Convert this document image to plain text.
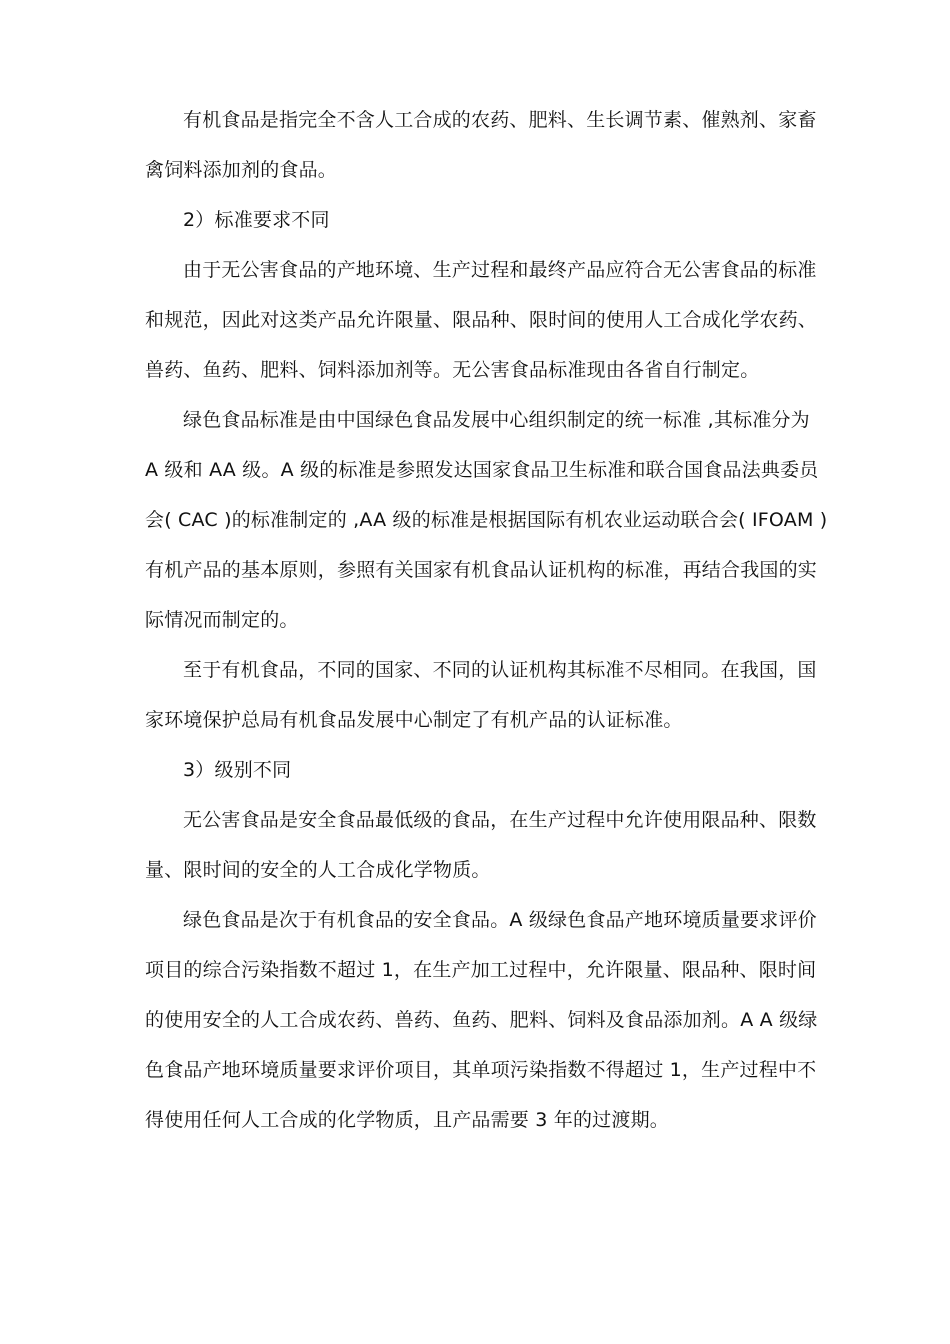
有机食品是指完全不含人工合成的农药、肥料、生长调节素、催熟剂、家畜
禽饲料添加剂的食品。
2）标准要求不同
由于无公害食品的产地环境、生产过程和最终产品应符合无公害食品的标准
和规范，因此对这类产品允许限量、限品种、限时间的使用人工合成化学农药、
兽药、鱼药、肥料、饲料添加剂等。无公害食品标准现由各省自行制定。
绿色食品标准是由中国绿色食品发展中心组织制定的统一标准 ,其标准分为
A 级和 AA 级。A 级的标准是参照发达国家食品卫生标准和联合国食品法典委员
会( CAC )的标准制定的 ,AA 级的标准是根据国际有机农业运动联合会( IFOAM )
有机产品的基本原则，参照有关国家有机食品认证机构的标准，再结合我国的实
际情况而制定的。
至于有机食品，不同的国家、不同的认证机构其标准不尽相同。在我国，国
家环境保护总局有机食品发展中心制定了有机产品的认证标准。
3）级别不同
无公害食品是安全食品最低级的食品，在生产过程中允许使用限品种、限数
量、限时间的安全的人工合成化学物质。
绿色食品是次于有机食品的安全食品。A 级绿色食品产地环境质量要求评价
项目的综合污染指数不超过 1，在生产加工过程中，允许限量、限品种、限时间
的使用安全的人工合成农药、兽药、鱼药、肥料、饲料及食品添加剂。A A 级绿
色食品产地环境质量要求评价项目，其单项污染指数不得超过 1，生产过程中不
得使用任何人工合成的化学物质，且产品需要 3 年的过渡期。
